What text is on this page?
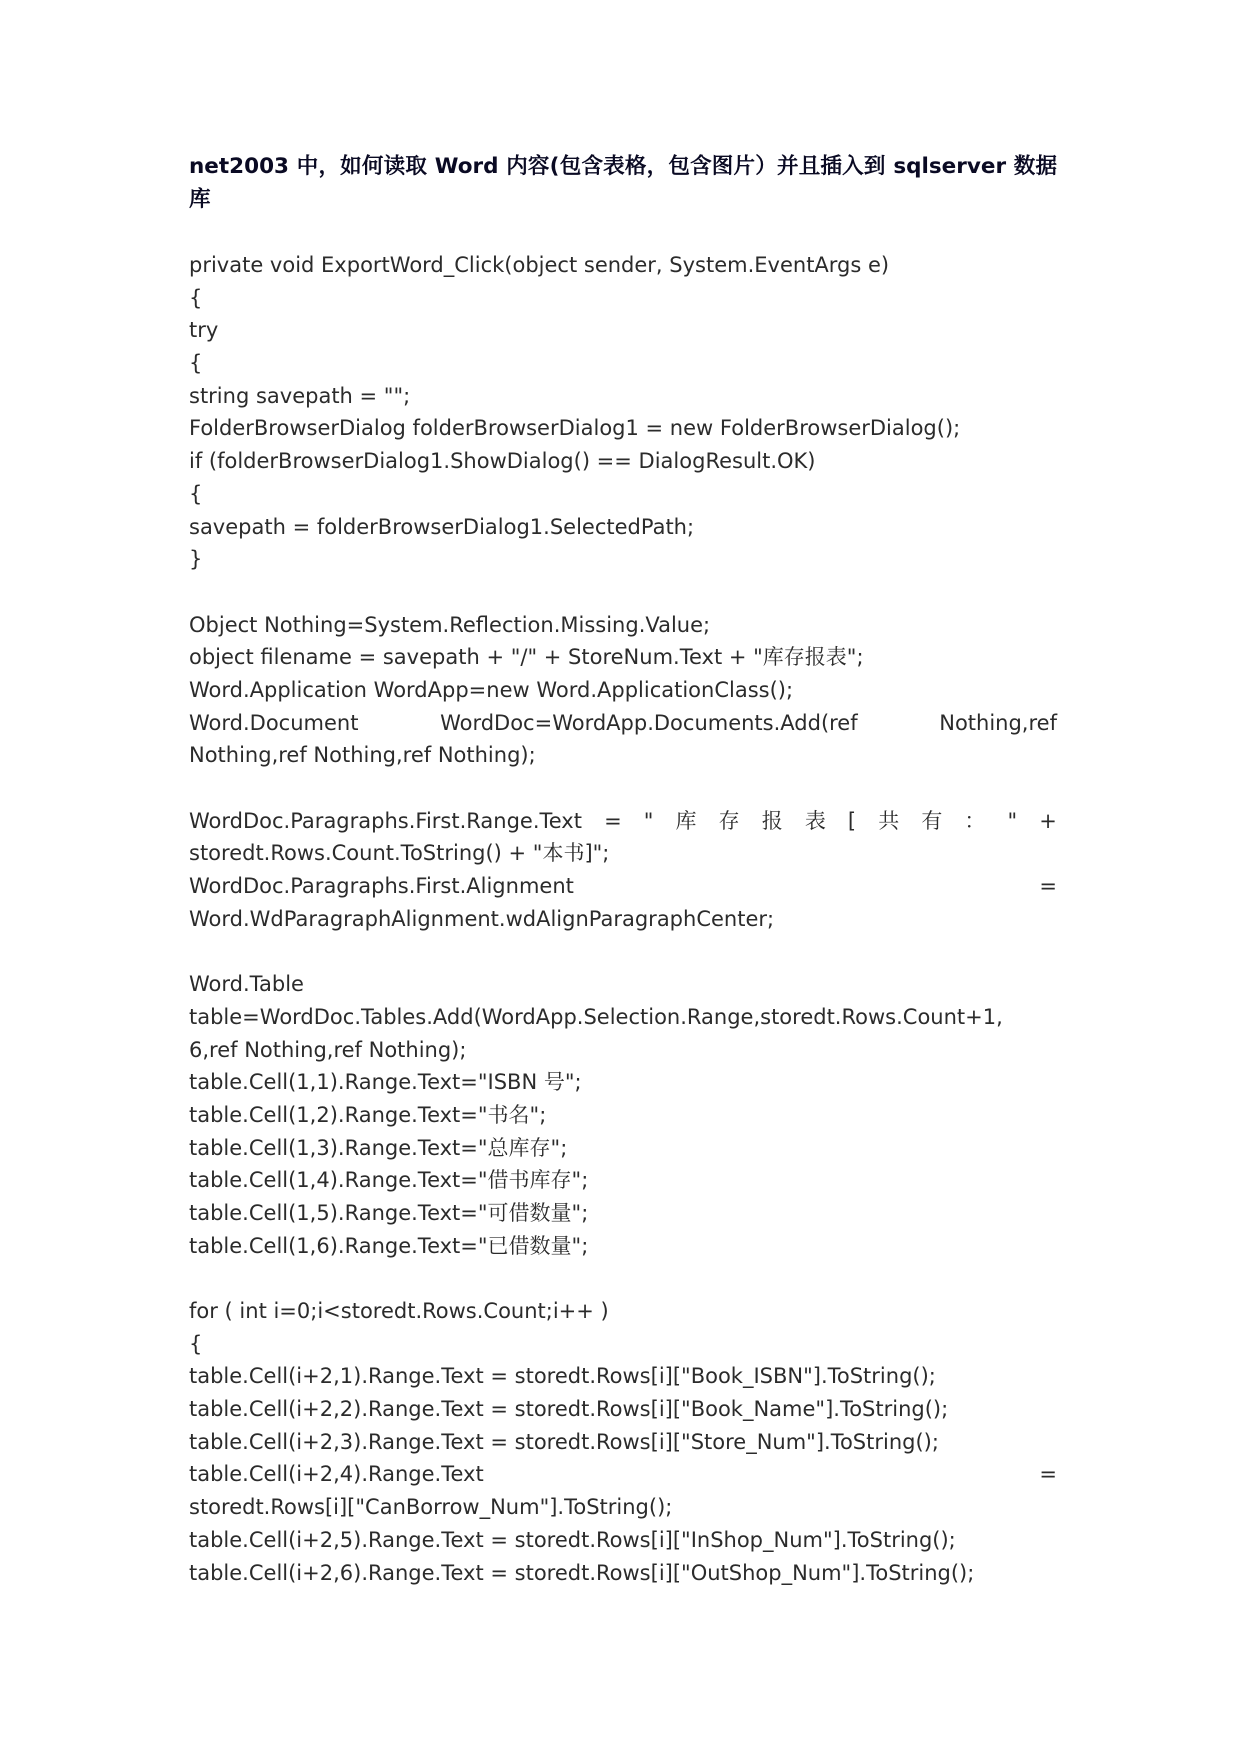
net2003 中，如何读取 Word 内容(包含表格，包含图片）并且插入到 sqlserver 数据库

private void ExportWord_Click(object sender, System.EventArgs e)
{
try
{
string savepath = "";
FolderBrowserDialog folderBrowserDialog1 = new FolderBrowserDialog();
if (folderBrowserDialog1.ShowDialog() == DialogResult.OK)
{
savepath = folderBrowserDialog1.SelectedPath;
}
Object Nothing=System.Reflection.Missing.Value;
object filename = savepath + "/" + StoreNum.Text + "库存报表";
Word.Application WordApp=new Word.ApplicationClass();
Word.Document	WordDoc=WordApp.Documents.Add(ref	Nothing,ref
Nothing,ref Nothing,ref Nothing);
WordDoc.Paragraphs.First.Range.Text = " 库 存 报 表 [ 共 有 ： " +
storedt.Rows.Count.ToString() + "本书]";
WordDoc.Paragraphs.First.Alignment	=
Word.WdParagraphAlignment.wdAlignParagraphCenter;
Word.Table
table=WordDoc.Tables.Add(WordApp.Selection.Range,storedt.Rows.Count+1,
6,ref Nothing,ref Nothing);
table.Cell(1,1).Range.Text="ISBN 号";
table.Cell(1,2).Range.Text="书名";
table.Cell(1,3).Range.Text="总库存";
table.Cell(1,4).Range.Text="借书库存";
table.Cell(1,5).Range.Text="可借数量";
table.Cell(1,6).Range.Text="已借数量";
for ( int i=0;i<storedt.Rows.Count;i++ )
{
table.Cell(i+2,1).Range.Text = storedt.Rows[i]["Book_ISBN"].ToString();
table.Cell(i+2,2).Range.Text = storedt.Rows[i]["Book_Name"].ToString();
table.Cell(i+2,3).Range.Text = storedt.Rows[i]["Store_Num"].ToString();
table.Cell(i+2,4).Range.Text	=
storedt.Rows[i]["CanBorrow_Num"].ToString();
table.Cell(i+2,5).Range.Text = storedt.Rows[i]["InShop_Num"].ToString();
table.Cell(i+2,6).Range.Text = storedt.Rows[i]["OutShop_Num"].ToString();
